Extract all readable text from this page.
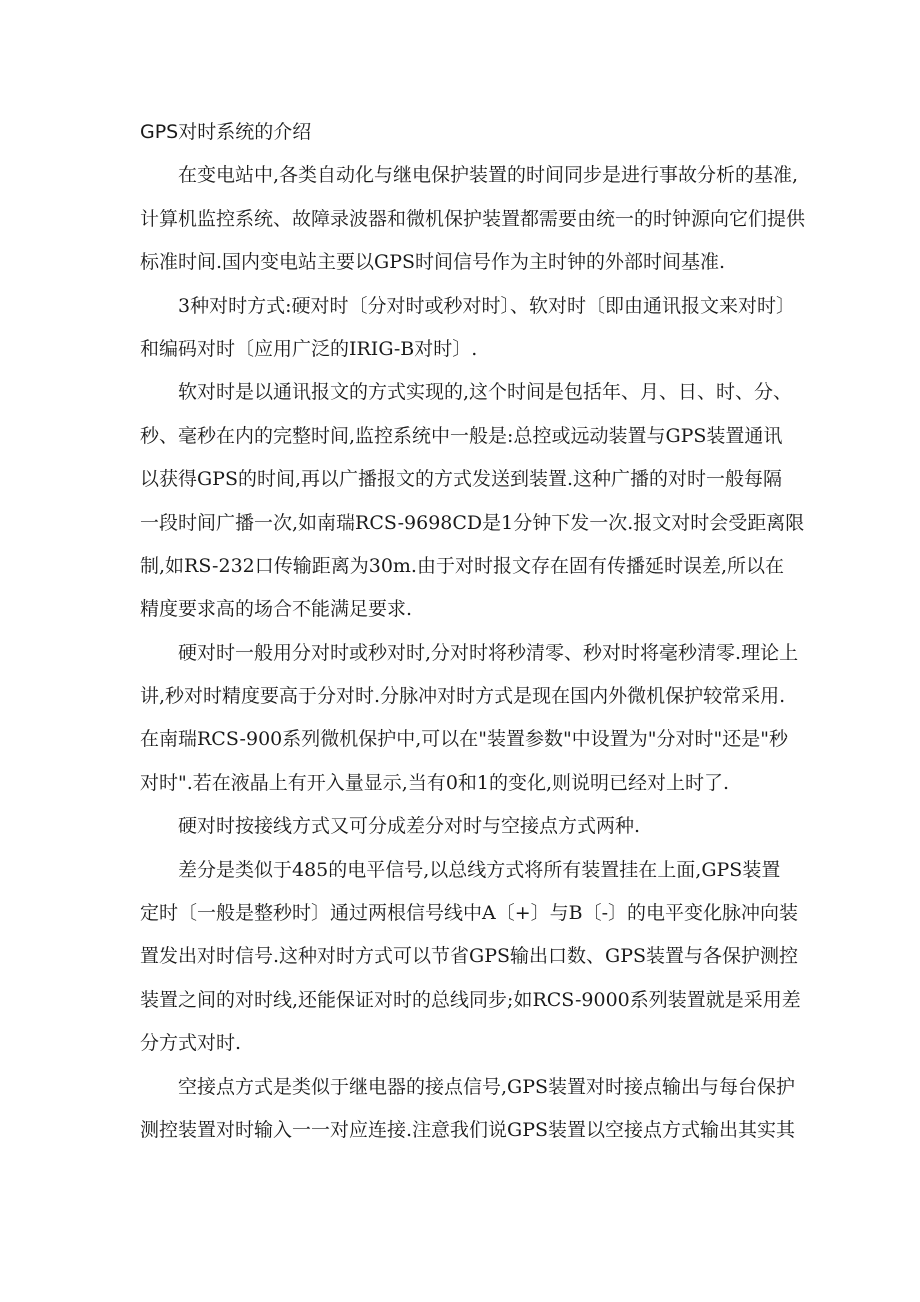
GPS对时系统的介绍
在变电站中,各类自动化与继电保护装置的时间同步是进行事故分析的基准,
计算机监控系统、故障录波器和微机保护装置都需要由统一的时钟源向它们提供
标准时间.国内变电站主要以GPS时间信号作为主时钟的外部时间基准.
3种对时方式:硬对时〔分对时或秒对时〕、软对时〔即由通讯报文来对时〕
和编码对时〔应用广泛的IRIG-B对时〕.
软对时是以通讯报文的方式实现的,这个时间是包括年、月、日、时、分、
秒、毫秒在内的完整时间,监控系统中一般是:总控或远动装置与GPS装置通讯
以获得GPS的时间,再以广播报文的方式发送到装置.这种广播的对时一般每隔
一段时间广播一次,如南瑞RCS-9698CD是1分钟下发一次.报文对时会受距离限
制,如RS-232口传输距离为30m.由于对时报文存在固有传播延时误差,所以在
精度要求高的场合不能满足要求.
硬对时一般用分对时或秒对时,分对时将秒清零、秒对时将毫秒清零.理论上
讲,秒对时精度要高于分对时.分脉冲对时方式是现在国内外微机保护较常采用.
在南瑞RCS-900系列微机保护中,可以在"装置参数"中设置为"分对时"还是"秒
对时".若在液晶上有开入量显示,当有0和1的变化,则说明已经对上时了.
硬对时按接线方式又可分成差分对时与空接点方式两种.
差分是类似于485的电平信号,以总线方式将所有装置挂在上面,GPS装置
定时〔一般是整秒时〕通过两根信号线中A〔+〕与B〔-〕的电平变化脉冲向装
置发出对时信号.这种对时方式可以节省GPS输出口数、GPS装置与各保护测控
装置之间的对时线,还能保证对时的总线同步;如RCS-9000系列装置就是采用差
分方式对时.
空接点方式是类似于继电器的接点信号,GPS装置对时接点输出与每台保护
测控装置对时输入一一对应连接.注意我们说GPS装置以空接点方式输出其实其
